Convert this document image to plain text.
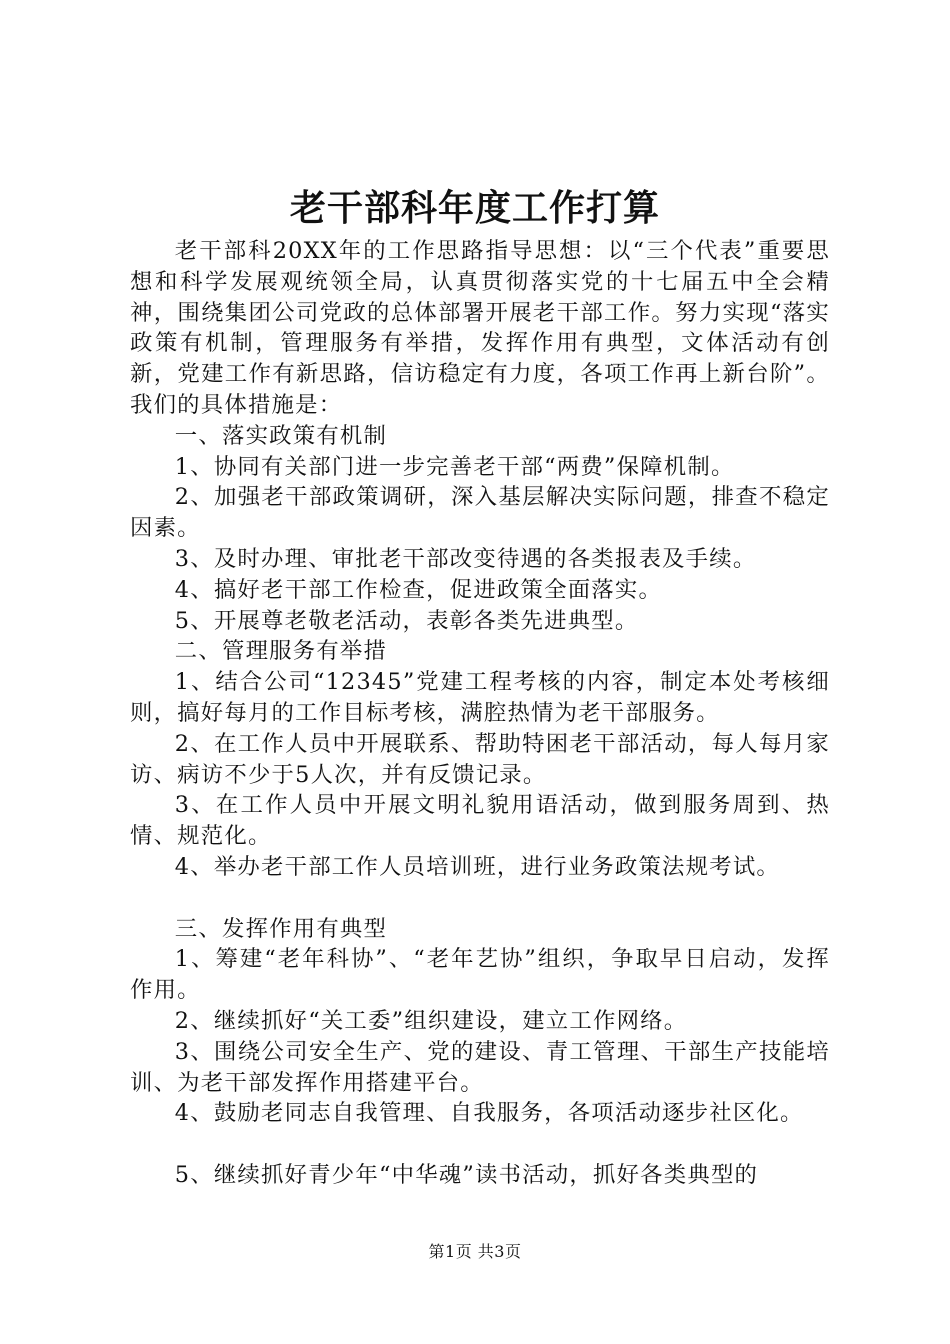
老干部科年度工作打算

老干部科20XX年的工作思路指导思想：以“三个代表”重要思想和科学发展观统领全局，认真贯彻落实党的十七届五中全会精神，围绕集团公司党政的总体部署开展老干部工作。努力实现“落实政策有机制，管理服务有举措，发挥作用有典型，文体活动有创新，党建工作有新思路，信访稳定有力度，各项工作再上新台阶”。我们的具体措施是：

一、落实政策有机制

1、协同有关部门进一步完善老干部“两费”保障机制。

2、加强老干部政策调研，深入基层解决实际问题，排查不稳定因素。

3、及时办理、审批老干部改变待遇的各类报表及手续。

4、搞好老干部工作检查，促进政策全面落实。

5、开展尊老敬老活动，表彰各类先进典型。

二、管理服务有举措

1、结合公司“12345”党建工程考核的内容，制定本处考核细则，搞好每月的工作目标考核，满腔热情为老干部服务。

2、在工作人员中开展联系、帮助特困老干部活动，每人每月家访、病访不少于5人次，并有反馈记录。

3、在工作人员中开展文明礼貌用语活动，做到服务周到、热情、规范化。

4、举办老干部工作人员培训班，进行业务政策法规考试。

三、发挥作用有典型

1、筹建“老年科协”、“老年艺协”组织，争取早日启动，发挥作用。

2、继续抓好“关工委”组织建设，建立工作网络。

3、围绕公司安全生产、党的建设、青工管理、干部生产技能培训、为老干部发挥作用搭建平台。

4、鼓励老同志自我管理、自我服务，各项活动逐步社区化。

5、继续抓好青少年“中华魂”读书活动，抓好各类典型的

第1页 共3页
